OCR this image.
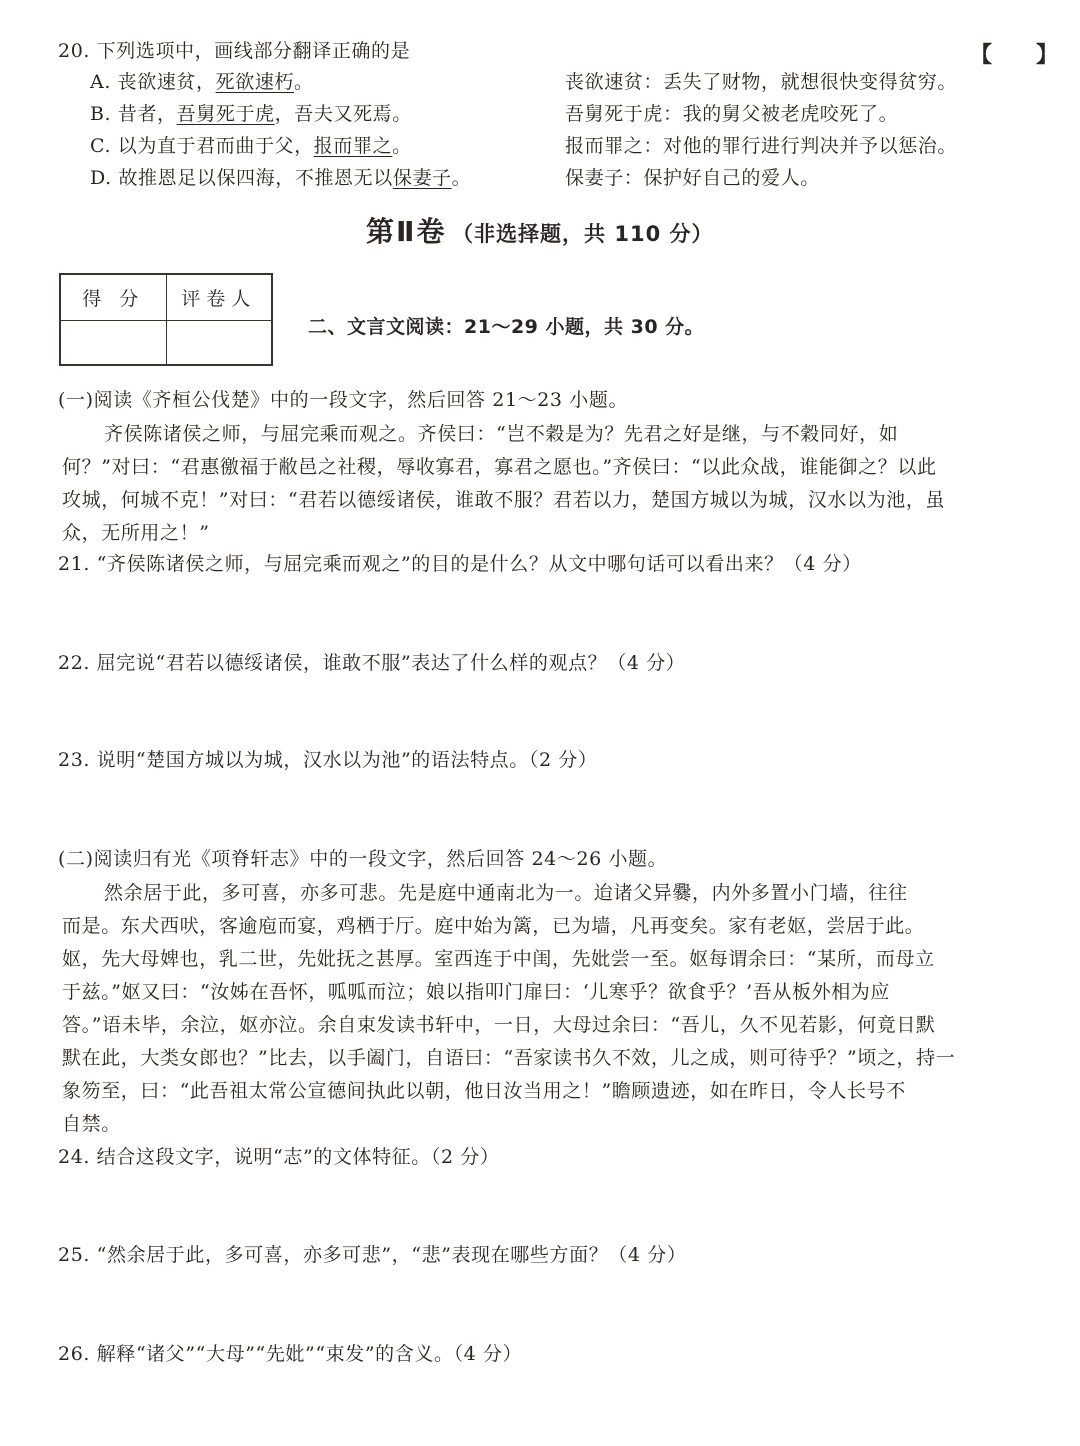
20. 下列选项中，画线部分翻译正确的是	【　　】
A. 丧欲速贫，死欲速朽。	丧欲速贫：丢失了财物，就想很快变得贫穷。
B. 昔者，吾舅死于虎，吾夫又死焉。	吾舅死于虎：我的舅父被老虎咬死了。
C. 以为直于君而曲于父，报而罪之。	报而罪之：对他的罪行进行判决并予以惩治。
D. 故推恩足以保四海，不推恩无以保妻子。	保妻子：保护好自己的爱人。
第Ⅱ卷 （非选择题，共 110 分）
得 分	评卷人

二、文言文阅读：21～29 小题，共 30 分。
(一)阅读《齐桓公伐楚》中的一段文字，然后回答 21～23 小题。
齐侯陈诸侯之师，与屈完乘而观之。齐侯曰：“岂不穀是为？先君之好是继，与不穀同好，如
何？”对曰：“君惠徼福于敝邑之社稷，辱收寡君，寡君之愿也。”齐侯曰：“以此众战，谁能御之？以此
攻城，何城不克！”对曰：“君若以德绥诸侯，谁敢不服？君若以力，楚国方城以为城，汉水以为池，虽
众，无所用之！”
21. “齐侯陈诸侯之师，与屈完乘而观之”的目的是什么？从文中哪句话可以看出来？（4 分）
22. 屈完说“君若以德绥诸侯，谁敢不服”表达了什么样的观点？（4 分）
23. 说明“楚国方城以为城，汉水以为池”的语法特点。（2 分）
(二)阅读归有光《项脊轩志》中的一段文字，然后回答 24～26 小题。
然余居于此，多可喜，亦多可悲。先是庭中通南北为一。迨诸父异爨，内外多置小门墙，往往
而是。东犬西吠，客逾庖而宴，鸡栖于厅。庭中始为篱，已为墙，凡再变矣。家有老妪，尝居于此。
妪，先大母婢也，乳二世，先妣抚之甚厚。室西连于中闺，先妣尝一至。妪每谓余曰：“某所，而母立
于兹。”妪又曰：“汝姊在吾怀，呱呱而泣；娘以指叩门扉曰：‘儿寒乎？欲食乎？’吾从板外相为应
答。”语未毕，余泣，妪亦泣。余自束发读书轩中，一日，大母过余曰：“吾儿，久不见若影，何竟日默
默在此，大类女郎也？”比去，以手阖门，自语曰：“吾家读书久不效，儿之成，则可待乎？”顷之，持一
象笏至，曰：“此吾祖太常公宣德间执此以朝，他日汝当用之！”瞻顾遗迹，如在昨日，令人长号不
自禁。
24. 结合这段文字，说明“志”的文体特征。（2 分）
25. “然余居于此，多可喜，亦多可悲”，“悲”表现在哪些方面？（4 分）
26. 解释“诸父”“大母”“先妣”“束发”的含义。（4 分）
